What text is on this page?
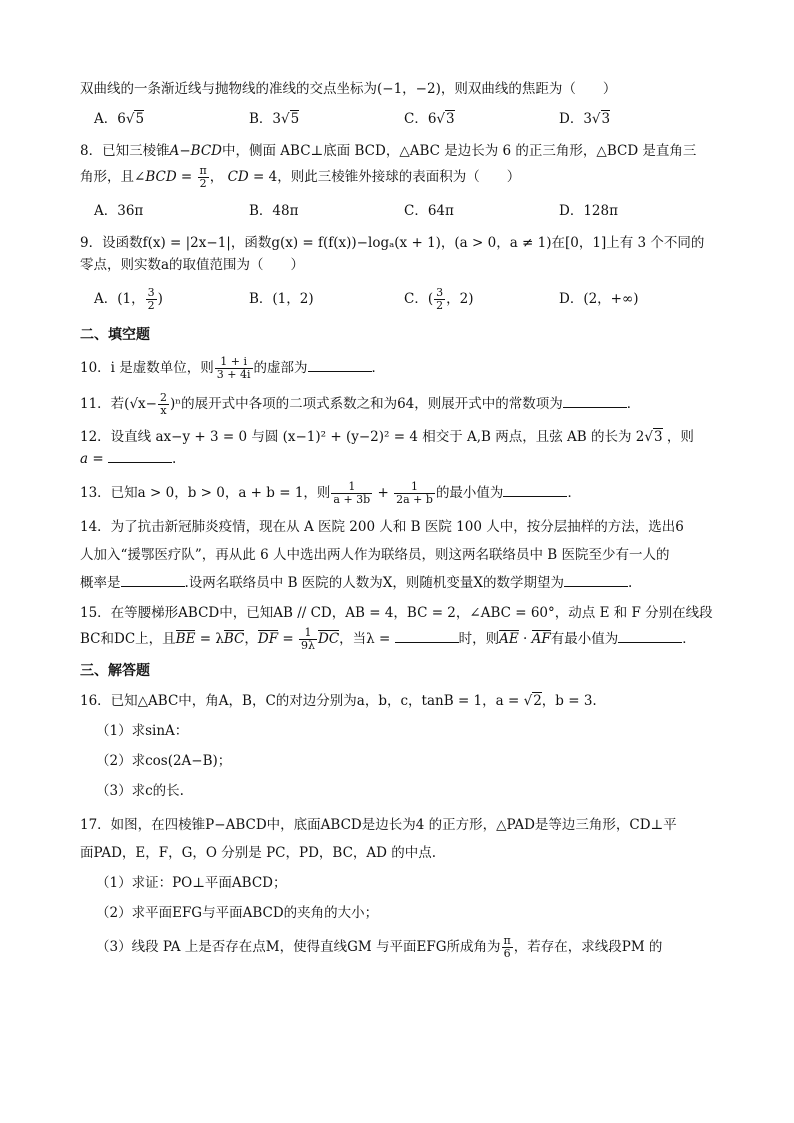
双曲线的一条渐近线与抛物线的准线的交点坐标为(−1，−2)，则双曲线的焦距为（　　）
A．6√5	B．3√5	C．6√3	D．3√3
8．已知三棱锥A−BCD中，侧面 ABC⊥底面 BCD，△ABC 是边长为 6 的正三角形，△BCD 是直角三
角形，且∠BCD = $\frac{\pi}{2}$ ， CD = 4，则此三棱锥外接球的表面积为（　　）
A．36π	B．48π	C．64π	D．128π
9．设函数f(x) = |2x−1|，函数g(x) = f(f(x))−logₐ(x + 1)，(a > 0，a ≠ 1)在[0，1]上有 3 个不同的
零点，则实数a的取值范围为（　　）
A．(1， $\frac{3}{2}$ )	B．(1，2)	C．( $\frac{3}{2}$ ，2)	D．(2，+∞)
二、填空题
10．i 是虚数单位，则 $\frac{1 + i}{3 + 4i}$ 的虚部为	．
11．若$(√x- \frac{2}{x} )^n$的展开式中各项的二项式系数之和为64，则展开式中的常数项为	．
12．设直线 ax−y + 3 = 0 与圆 (x−1)² + (y−2)² = 4 相交于 A,B 两点，且弦 AB 的长为 2√3 ，则
a =	.
13．已知a > 0，b > 0，a + b = 1，则 $\frac{1}{a + 3b} + \frac{1}{2a + b}$ 的最小值为	．
14．为了抗击新冠肺炎疫情，现在从 A 医院 200 人和 B 医院 100 人中，按分层抽样的方法，选出6
人加入“援鄂医疗队”，再从此 6 人中选出两人作为联络员，则这两名联络员中 B 医院至少有一人的
概率是	.设两名联络员中 B 医院的人数为X，则随机变量X的数学期望为	.
15．在等腰梯形ABCD中，已知AB // CD，AB = 4，BC = 2，∠ABC = 60°，动点 E 和 F 分别在线段
BC和DC上，且BE = λBC，DF = $\frac{1}{9\lambda}$ DC，当λ =	时，则AE · AF有最小值为	．
三、解答题
16．已知△ABC中，角A，B，C的对边分别为a，b，c，tanB = 1，a = √2，b = 3.
（1）求sinA：
（2）求cos(2A−B)；
（3）求c的长.
17．如图，在四棱锥P−ABCD中，底面ABCD是边长为4 的正方形，△PAD是等边三角形，CD⊥平
面PAD，E，F，G，O 分别是 PC，PD，BC，AD 的中点.
（1）求证：PO⊥平面ABCD；
（2）求平面EFG与平面ABCD的夹角的大小；
（3）线段 PA 上是否存在点M，使得直线GM 与平面EFG所成角为 $\frac{\pi}{6}$ ，若存在，求线段PM 的
